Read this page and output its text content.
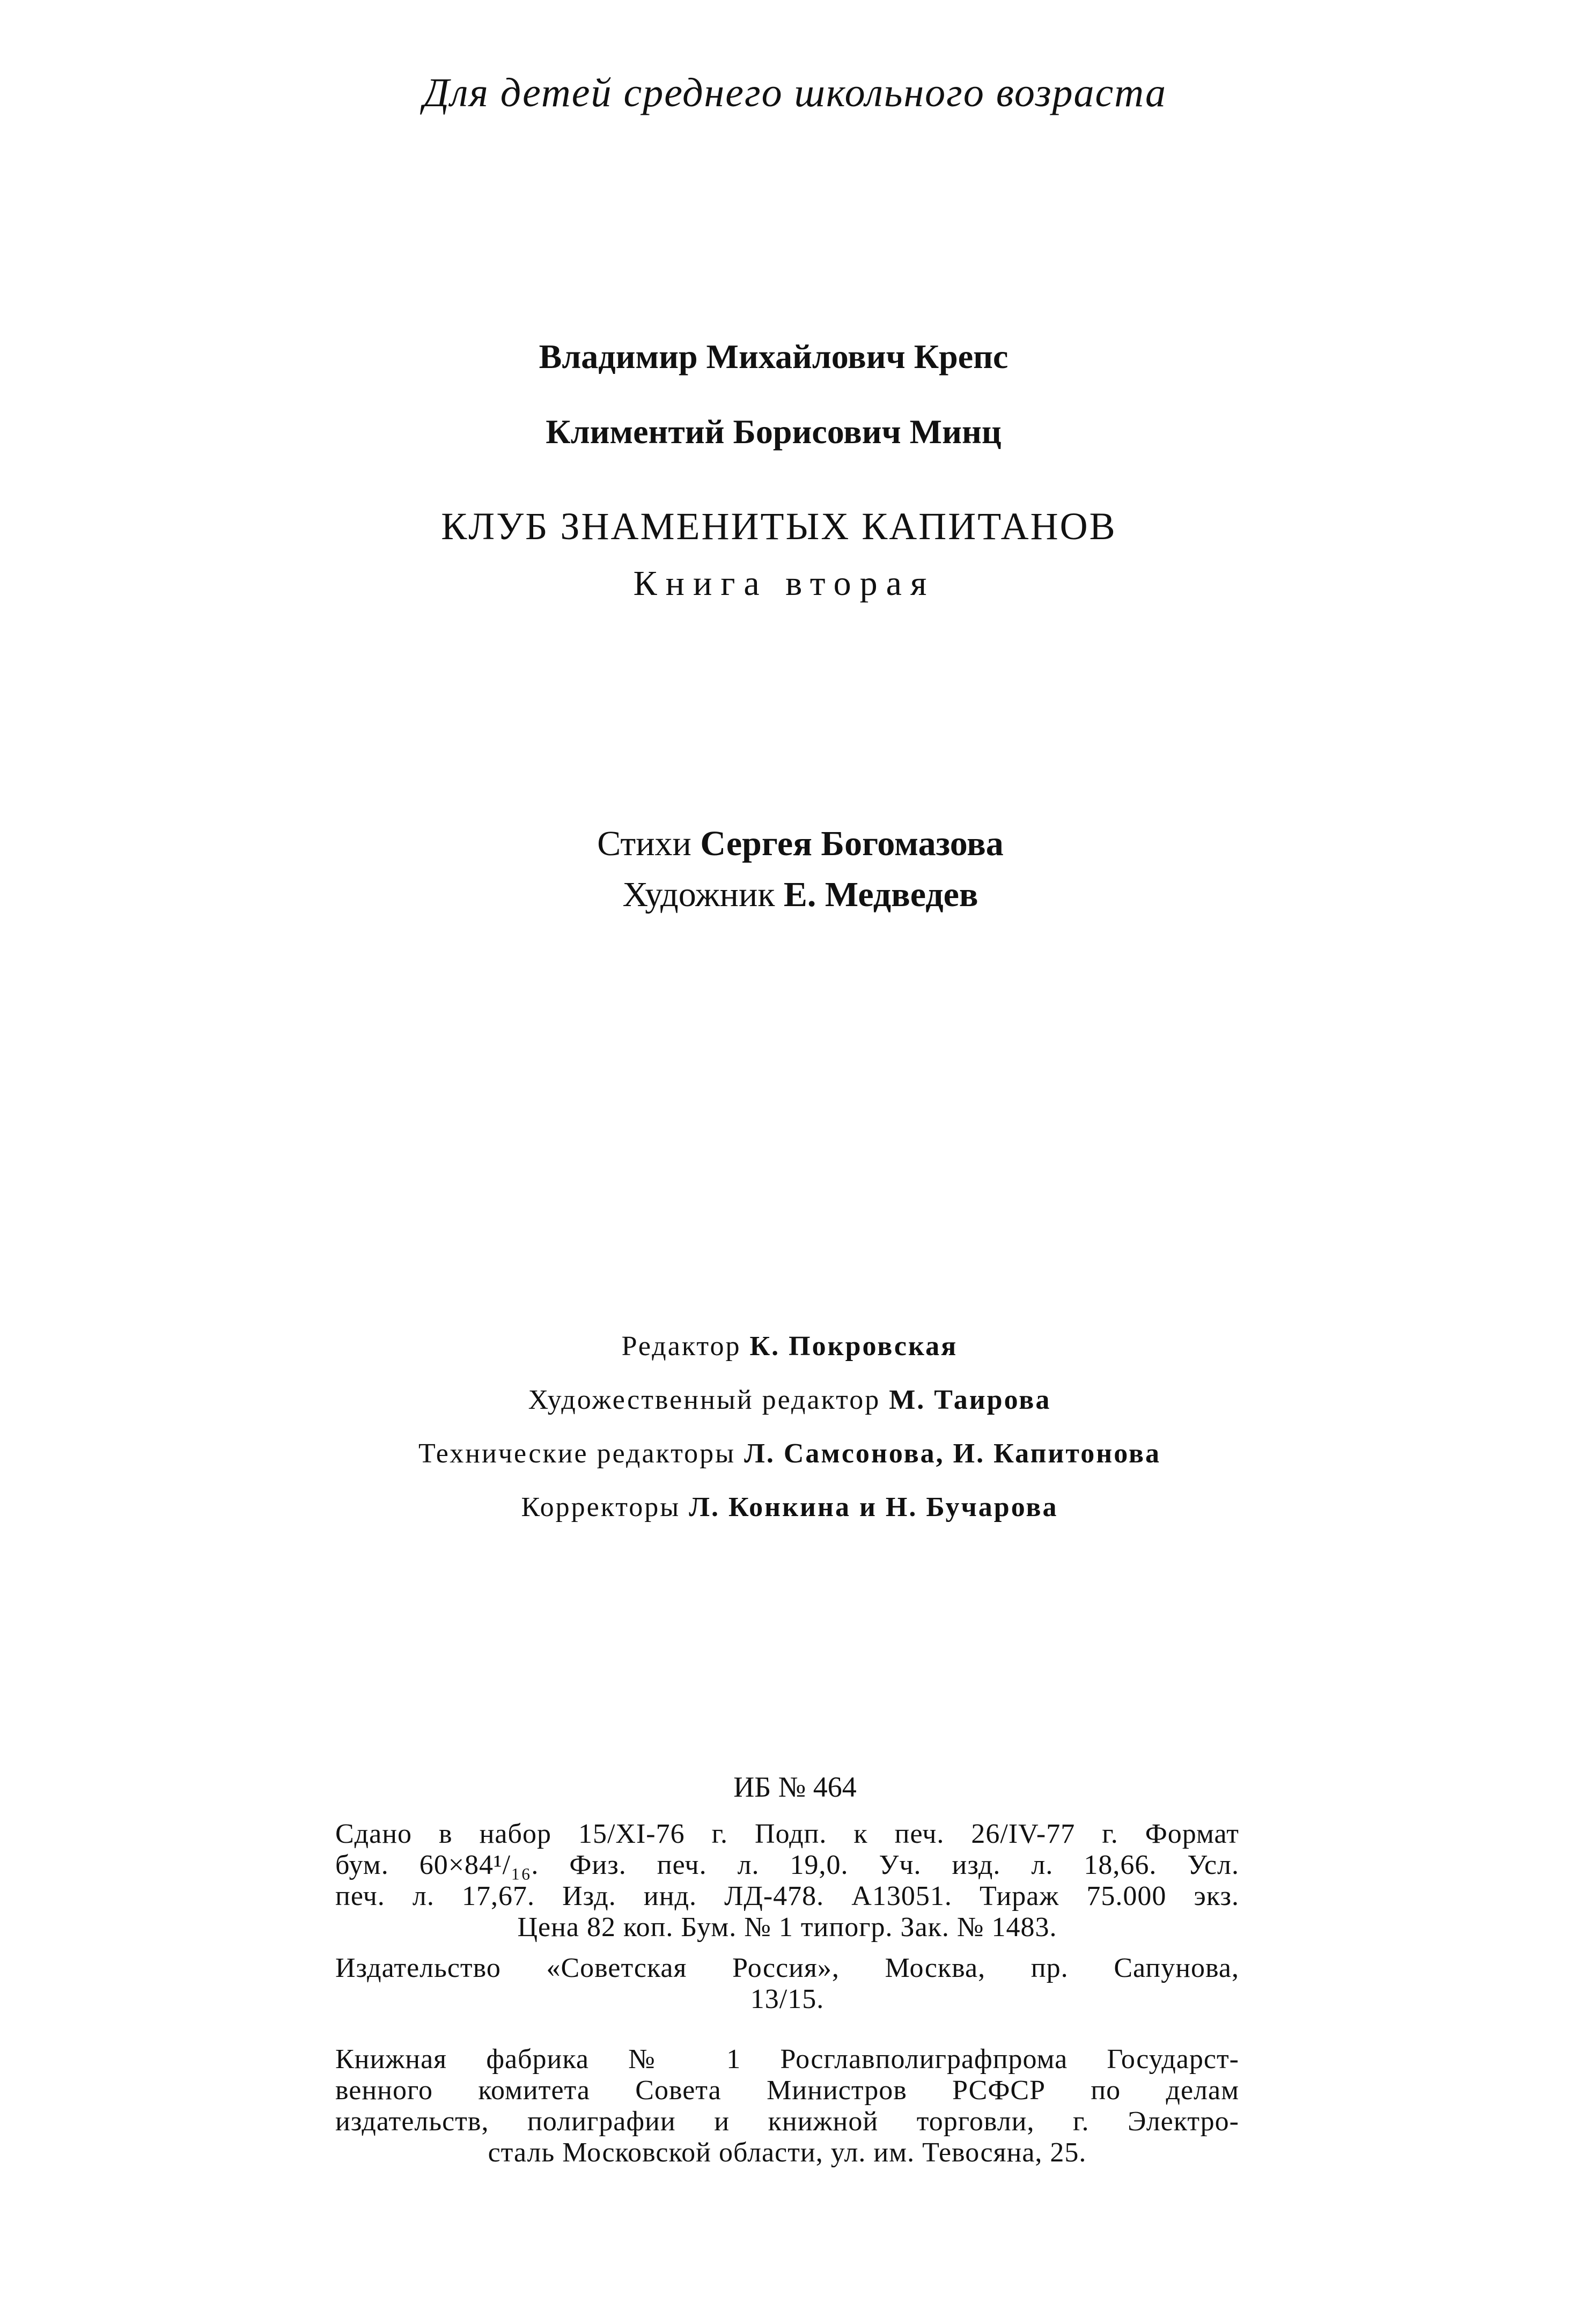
Для детей среднего школьного возраста

Владимир Михайлович Крепс

Климентий Борисович Минц

КЛУБ ЗНАМЕНИТЫХ КАПИТАНОВ

Книга вторая

Стихи Сергея Богомазова

Художник Е. Медведев

Редактор К. Покровская

Художественный редактор М. Таирова

Технические редакторы Л. Самсонова, И. Капитонова

Корректоры Л. Конкина и Н. Бучарова

ИБ № 464

Сдано в набор 15/XI-76 г. Подп. к печ. 26/IV-77 г. Формат
бум. 60×84¹/₁₆. Физ. печ. л. 19,0. Уч. изд. л. 18,66. Усл.
печ. л. 17,67. Изд. инд. ЛД-478. А13051. Тираж 75.000 экз.
Цена 82 коп. Бум. № 1 типогр. Зак. № 1483.
Издательство «Советская Россия», Москва, пр. Сапунова,
13/15.
Книжная фабрика № 1 Росглавполиграфпрома Государст-
венного комитета Совета Министров РСФСР по делам
издательств, полиграфии и книжной торговли, г. Электро-
сталь Московской области, ул. им. Тевосяна, 25.
